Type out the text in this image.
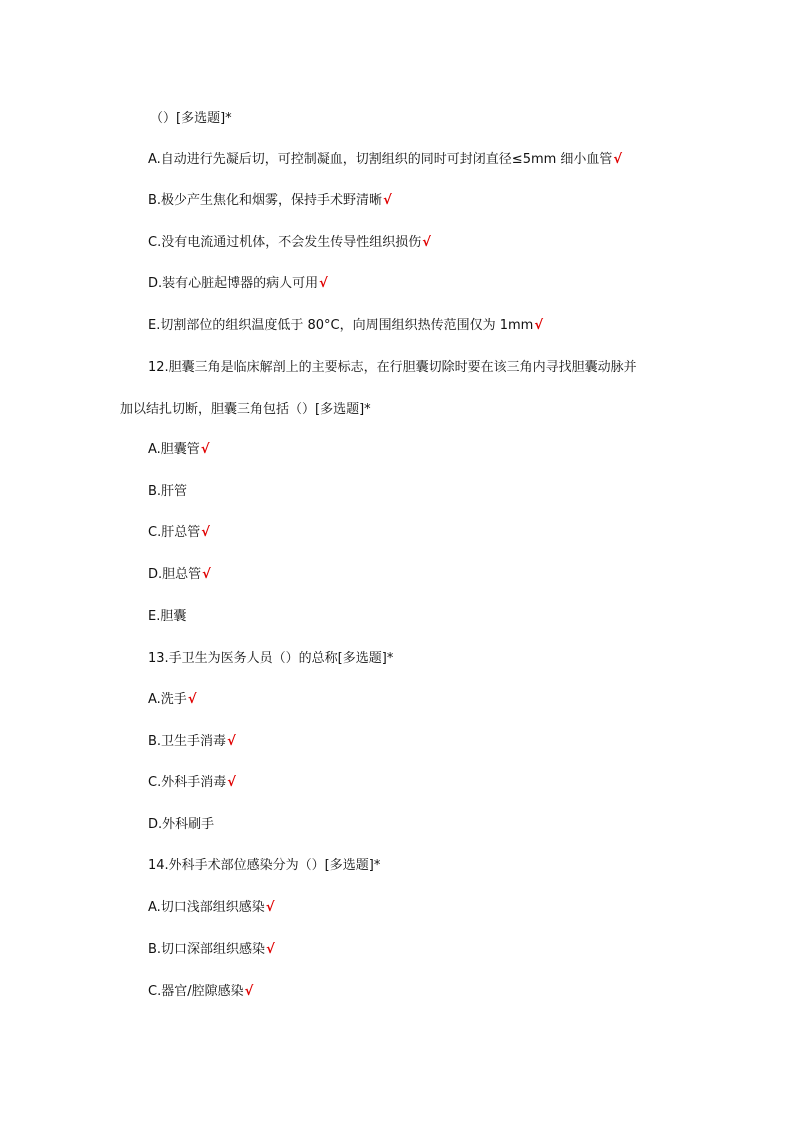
（）[多选题]*
A.自动进行先凝后切，可控制凝血，切割组织的同时可封闭直径≤5mm 细小血管√
B.极少产生焦化和烟雾，保持手术野清晰√
C.没有电流通过机体，不会发生传导性组织损伤√
D.装有心脏起博器的病人可用√
E.切割部位的组织温度低于 80°C，向周围组织热传范围仅为 1mm√
12.胆囊三角是临床解剖上的主要标志，在行胆囊切除时要在该三角内寻找胆囊动脉并
加以结扎切断，胆囊三角包括（）[多选题]*
A.胆囊管√
B.肝管
C.肝总管√
D.胆总管√
E.胆囊
13.手卫生为医务人员（）的总称[多选题]*
A.洗手√
B.卫生手消毒√
C.外科手消毒√
D.外科刷手
14.外科手术部位感染分为（）[多选题]*
A.切口浅部组织感染√
B.切口深部组织感染√
C.器官/腔隙感染√
